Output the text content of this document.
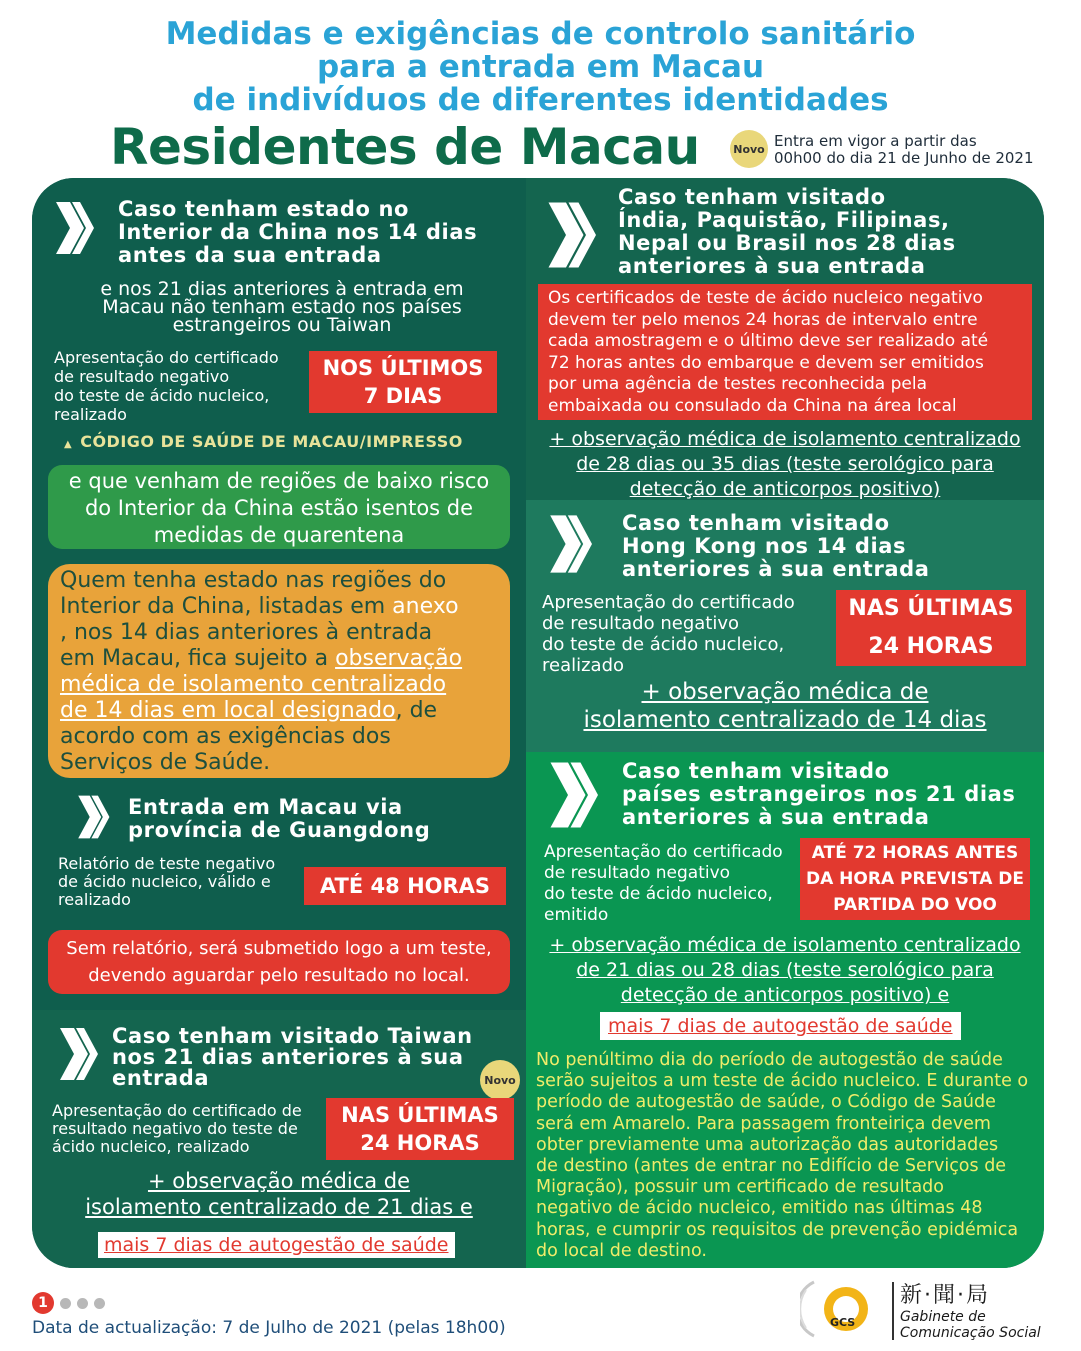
Medidas e exigências de controlo sanitário
para a entrada em Macau
de indivíduos de diferentes identidades
Residentes de Macau	Novo Entra em vigor a partir das
00h00 do dia 21 de Junho de 2021
Caso tenham estado no
Interior da China nos 14 dias
antes da sua entrada
e nos 21 dias anteriores à entrada em
Macau não tenham estado nos países
estrangeiros ou Taiwan
Apresentação do certificado
de resultado negativo
do teste de ácido nucleico,
realizado
NOS ÚLTIMOS
7 DIAS
▲ CÓDIGO DE SAÚDE DE MACAU/IMPRESSO
e que venham de regiões de baixo risco
do Interior da China estão isentos de
medidas de quarentena
Quem tenha estado nas regiões do
Interior da China, listadas em anexo
, nos 14 dias anteriores à entrada
em Macau, fica sujeito a observação
médica de isolamento centralizado
de 14 dias em local designado, de
acordo com as exigências dos
Serviços de Saúde.
Entrada em Macau via
província de Guangdong
Relatório de teste negativo
de ácido nucleico, válido e
realizado
ATÉ 48 HORAS
Sem relatório, será submetido logo a um teste,
devendo aguardar pelo resultado no local.
Caso tenham visitado Taiwan
nos 21 dias anteriores à sua
entrada	Novo
Apresentação do certificado de
resultado negativo do teste de
ácido nucleico, realizado
NAS ÚLTIMAS
24 HORAS
+ observação médica de
isolamento centralizado de 21 dias e
mais 7 dias de autogestão de saúde
Caso tenham visitado
Índia, Paquistão, Filipinas,
Nepal ou Brasil nos 28 dias
anteriores à sua entrada
Os certificados de teste de ácido nucleico negativo
devem ter pelo menos 24 horas de intervalo entre
cada amostragem e o último deve ser realizado até
72 horas antes do embarque e devem ser emitidos
por uma agência de testes reconhecida pela
embaixada ou consulado da China na área local
+ observação médica de isolamento centralizado
de 28 dias ou 35 dias (teste serológico para
detecção de anticorpos positivo)
Caso tenham visitado
Hong Kong nos 14 dias
anteriores à sua entrada
Apresentação do certificado
de resultado negativo
do teste de ácido nucleico,
realizado
NAS ÚLTIMAS
24 HORAS
+ observação médica de
isolamento centralizado de 14 dias
Caso tenham visitado
países estrangeiros nos 21 dias
anteriores à sua entrada
Apresentação do certificado
de resultado negativo
do teste de ácido nucleico,
emitido
ATÉ 72 HORAS ANTES
DA HORA PREVISTA DE
PARTIDA DO VOO
+ observação médica de isolamento centralizado
de 21 dias ou 28 dias (teste serológico para
detecção de anticorpos positivo) e
mais 7 dias de autogestão de saúde
No penúltimo dia do período de autogestão de saúde
serão sujeitos a um teste de ácido nucleico. E durante o
período de autogestão de saúde, o Código de Saúde
será em Amarelo. Para passagem fronteiriça devem
obter previamente uma autorização das autoridades
de destino (antes de entrar no Edifício de Serviços de
Migração), possuir um certificado de resultado
negativo de ácido nucleico, emitido nas últimas 48
horas, e cumprir os requisitos de prevenção epidémica
do local de destino.
1
Data de actualização: 7 de Julho de 2021 (pelas 18h00)	GCS
新·聞·局
Gabinete de
Comunicação Social
